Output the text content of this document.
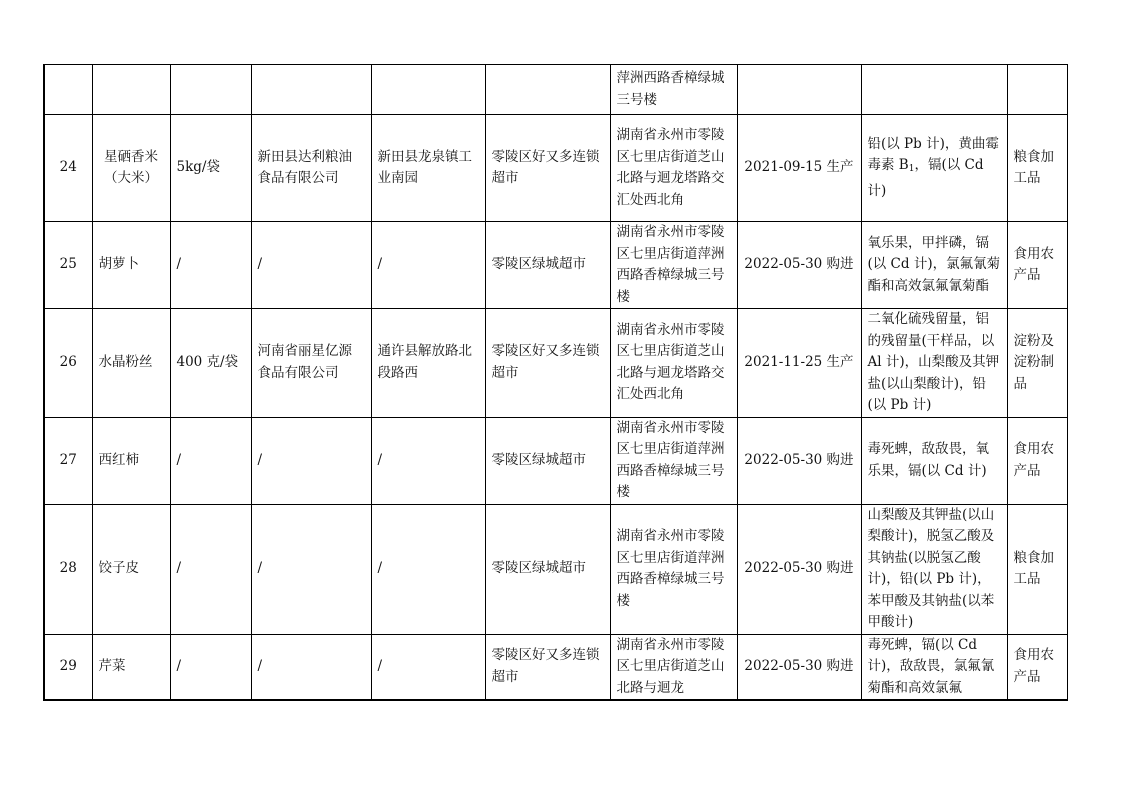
						萍洲西路香樟绿城三号楼			
24	星硒香米（大米）	5kg/袋	新田县达利粮油食品有限公司	新田县龙泉镇工业南园	零陵区好又多连锁超市	湖南省永州市零陵区七里店街道芝山北路与迴龙塔路交汇处西北角	2021-09-15 生产	铅(以 Pb 计)，黄曲霉毒素 $B_1$，镉(以 Cd 计)	粮食加工品
25	胡萝卜	/	/	/	零陵区绿城超市	湖南省永州市零陵区七里店街道萍洲西路香樟绿城三号楼	2022-05-30 购进	氧乐果，甲拌磷，镉(以 Cd 计)，氯氟氰菊酯和高效氯氟氰菊酯	食用农产品
26	水晶粉丝	400 克/袋	河南省丽星亿源食品有限公司	通许县解放路北段路西	零陵区好又多连锁超市	湖南省永州市零陵区七里店街道芝山北路与迴龙塔路交汇处西北角	2021-11-25 生产	二氧化硫残留量，铝的残留量(干样品，以 Al 计)，山梨酸及其钾盐(以山梨酸计)，铅(以 Pb 计)	淀粉及淀粉制品
27	西红柿	/	/	/	零陵区绿城超市	湖南省永州市零陵区七里店街道萍洲西路香樟绿城三号楼	2022-05-30 购进	毒死蜱，敌敌畏，氧乐果，镉(以 Cd 计)	食用农产品
28	饺子皮	/	/	/	零陵区绿城超市	湖南省永州市零陵区七里店街道萍洲西路香樟绿城三号楼	2022-05-30 购进	山梨酸及其钾盐(以山梨酸计)，脱氢乙酸及其钠盐(以脱氢乙酸计)，铅(以 Pb 计)，苯甲酸及其钠盐(以苯甲酸计)	粮食加工品
29	芹菜	/	/	/	零陵区好又多连锁超市	湖南省永州市零陵区七里店街道芝山北路与迴龙	2022-05-30 购进	毒死蜱，镉(以 Cd 计)，敌敌畏，氯氟氰菊酯和高效氯氟	食用农产品
